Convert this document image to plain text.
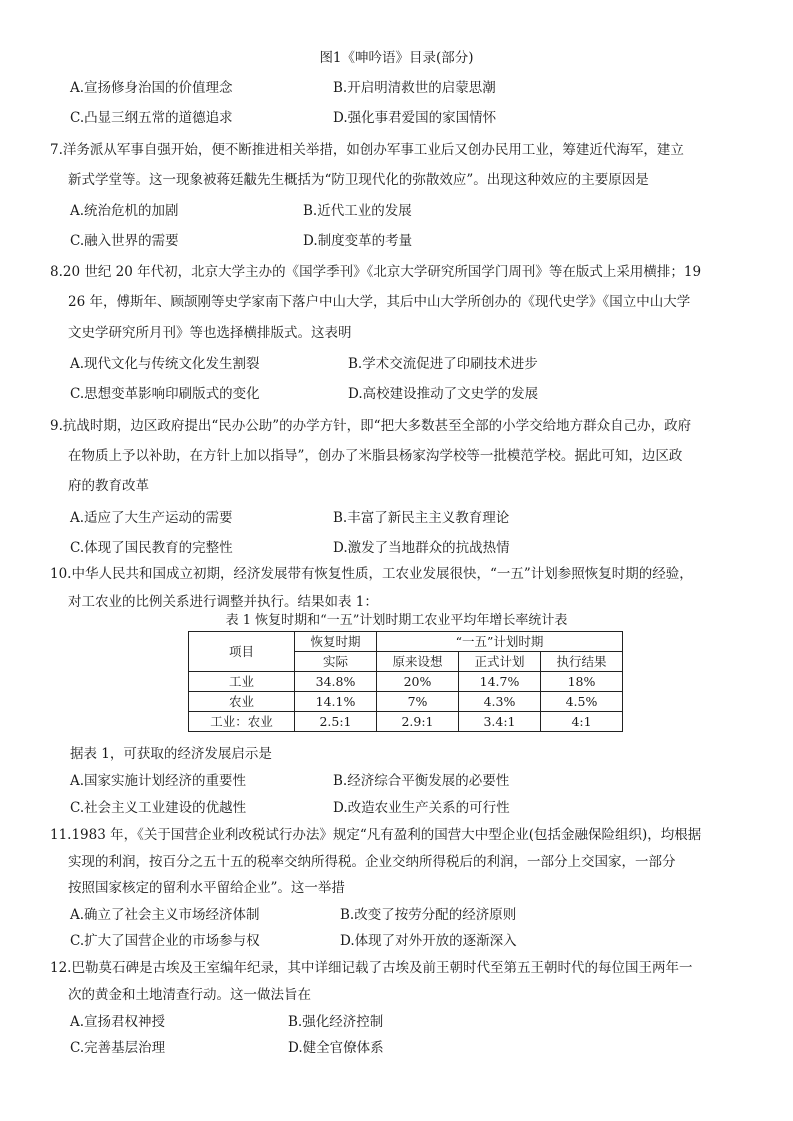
图1《呻吟语》目录(部分)
A.宣扬修身治国的价值理念	B.开启明清救世的启蒙思潮
C.凸显三纲五常的道德追求	D.强化事君爱国的家国情怀
7.洋务派从军事自强开始，便不断推进相关举措，如创办军事工业后又创办民用工业，筹建近代海军，建立
新式学堂等。这一现象被蒋廷黻先生概括为“防卫现代化的弥散效应”。出现这种效应的主要原因是
A.统治危机的加剧	B.近代工业的发展
C.融入世界的需要	D.制度变革的考量
8.20 世纪 20 年代初，北京大学主办的《国学季刊》《北京大学研究所国学门周刊》等在版式上采用横排；19
26 年，傅斯年、顾颉刚等史学家南下落户中山大学，其后中山大学所创办的《现代史学》《国立中山大学
文史学研究所月刊》等也选择横排版式。这表明
A.现代文化与传统文化发生割裂	B.学术交流促进了印刷技术进步
C.思想变革影响印刷版式的变化	D.高校建设推动了文史学的发展
9.抗战时期，边区政府提出“民办公助”的办学方针，即“把大多数甚至全部的小学交给地方群众自己办，政府
在物质上予以补助，在方针上加以指导”，创办了米脂县杨家沟学校等一批模范学校。据此可知，边区政
府的教育改革
A.适应了大生产运动的需要	B.丰富了新民主主义教育理论
C.体现了国民教育的完整性	D.激发了当地群众的抗战热情
10.中华人民共和国成立初期，经济发展带有恢复性质，工农业发展很快，“一五”计划参照恢复时期的经验，
对工农业的比例关系进行调整并执行。结果如表 1：
表 1 恢复时期和“一五”计划时期工农业平均年增长率统计表
项目	恢复时期	“一五”计划时期		
	实际	原来设想	正式计划	执行结果
工业	34.8%	20%	14.7%	18%
农业	14.1%	7%	4.3%	4.5%
工业：农业	2.5:1	2.9:1	3.4:1	4:1
据表 1，可获取的经济发展启示是
A.国家实施计划经济的重要性	B.经济综合平衡发展的必要性
C.社会主义工业建设的优越性	D.改造农业生产关系的可行性
11.1983 年，《关于国营企业利改税试行办法》规定“凡有盈利的国营大中型企业(包括金融保险组织)，均根据
实现的利润，按百分之五十五的税率交纳所得税。企业交纳所得税后的利润，一部分上交国家，一部分
按照国家核定的留利水平留给企业”。这一举措
A.确立了社会主义市场经济体制	B.改变了按劳分配的经济原则
C.扩大了国营企业的市场参与权	D.体现了对外开放的逐渐深入
12.巴勒莫石碑是古埃及王室编年纪录，其中详细记载了古埃及前王朝时代至第五王朝时代的每位国王两年一
次的黄金和土地清查行动。这一做法旨在
A.宣扬君权神授	B.强化经济控制
C.完善基层治理	D.健全官僚体系
